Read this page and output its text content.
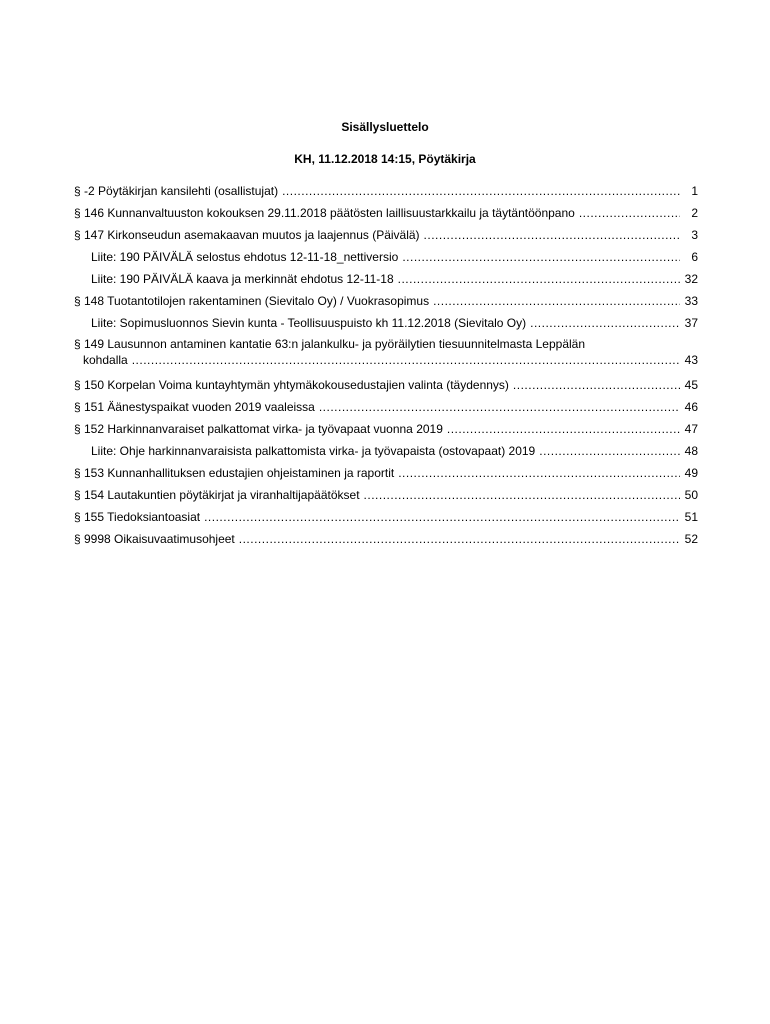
Sisällysluettelo
KH, 11.12.2018 14:15, Pöytäkirja
§ -2 Pöytäkirjan kansilehti (osallistujat) .....	1
§ 146 Kunnanvaltuuston kokouksen 29.11.2018 päätösten laillisuustarkkailu ja täytäntöönpano .....	2
§ 147 Kirkonseudun asemakaavan muutos ja laajennus (Päivälä) .....	3
Liite: 190 PÄIVÄLÄ selostus ehdotus 12-11-18_nettiversio .....	6
Liite: 190 PÄIVÄLÄ kaava ja merkinnät ehdotus 12-11-18 .....	32
§ 148 Tuotantotilojen rakentaminen (Sievitalo Oy) / Vuokrasopimus .....	33
Liite: Sopimusluonnos Sievin kunta - Teollisuuspuisto kh 11.12.2018 (Sievitalo Oy) .....	37
§ 149 Lausunnon antaminen kantatie 63:n jalankulku- ja pyöräilytien tiesuunnitelmasta Leppälän
kohdalla .....	43
§ 150 Korpelan Voima kuntayhtymän yhtymäkokousedustajien valinta (täydennys) .....	45
§ 151 Äänestyspaikat vuoden 2019 vaaleissa .....	46
§ 152 Harkinnanvaraiset palkattomat virka- ja työvapaat vuonna 2019 .....	47
Liite: Ohje harkinnanvaraisista palkattomista virka- ja työvapaista (ostovapaat) 2019 .....	48
§ 153 Kunnanhallituksen edustajien ohjeistaminen ja raportit .....	49
§ 154 Lautakuntien pöytäkirjat ja viranhaltijapäätökset .....	50
§ 155 Tiedoksiantoasiat .....	51
§ 9998 Oikaisuvaatimusohjeet .....	52
